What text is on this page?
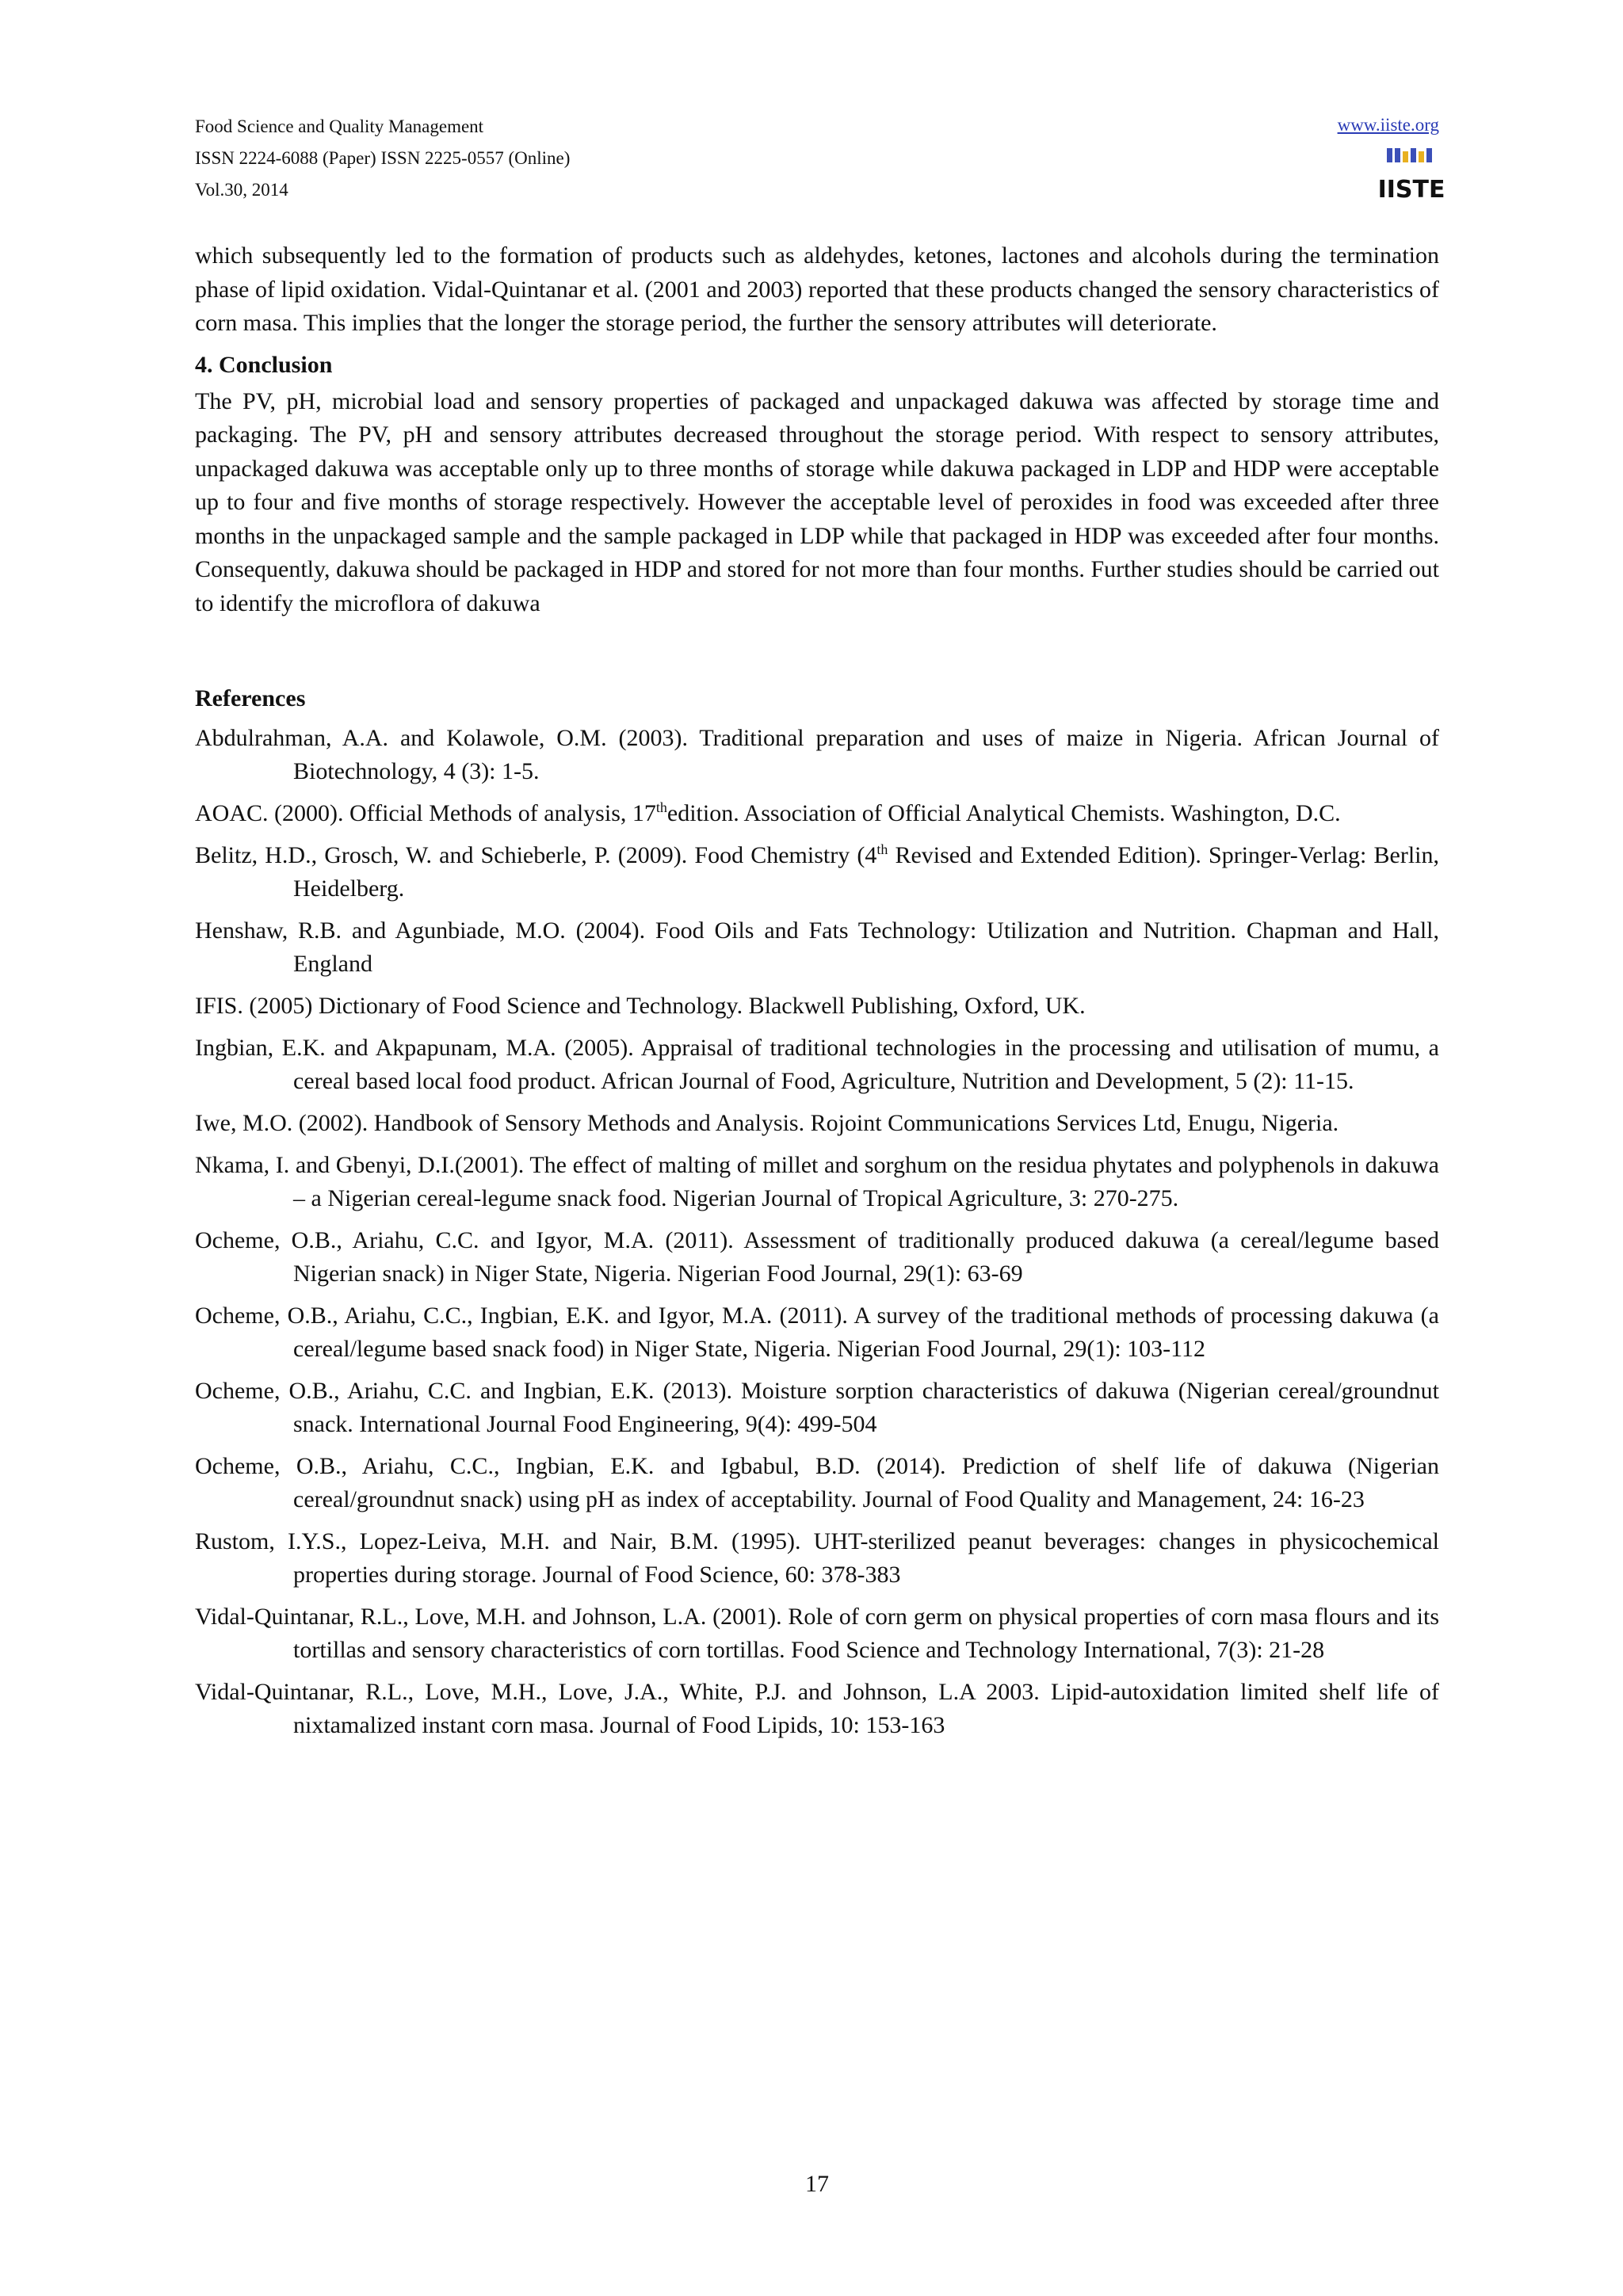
Food Science and Quality Management
ISSN 2224-6088 (Paper) ISSN 2225-0557 (Online)
Vol.30, 2014
www.iiste.org
IISTE

which subsequently led to the formation of products such as aldehydes, ketones, lactones and alcohols during the termination phase of lipid oxidation. Vidal-Quintanar et al. (2001 and 2003) reported that these products changed the sensory characteristics of corn masa. This implies that the longer the storage period, the further the sensory attributes will deteriorate.

4. Conclusion

The PV, pH, microbial load and sensory properties of packaged and unpackaged dakuwa was affected by storage time and packaging. The PV, pH and sensory attributes decreased throughout the storage period. With respect to sensory attributes, unpackaged dakuwa was acceptable only up to three months of storage while dakuwa packaged in LDP and HDP were acceptable up to four and five months of storage respectively. However the acceptable level of peroxides in food was exceeded after three months in the unpackaged sample and the sample packaged in LDP while that packaged in HDP was exceeded after four months. Consequently, dakuwa should be packaged in HDP and stored for not more than four months. Further studies should be carried out to identify the microflora of dakuwa

References

Abdulrahman, A.A. and Kolawole, O.M. (2003). Traditional preparation and uses of maize in Nigeria. African Journal of Biotechnology, 4 (3): 1-5.

AOAC. (2000). Official Methods of analysis, 17thedition. Association of Official Analytical Chemists. Washington, D.C.

Belitz, H.D., Grosch, W. and Schieberle, P. (2009). Food Chemistry (4th Revised and Extended Edition). Springer-Verlag: Berlin, Heidelberg.

Henshaw, R.B. and Agunbiade, M.O. (2004). Food Oils and Fats Technology: Utilization and Nutrition. Chapman and Hall, England

IFIS. (2005) Dictionary of Food Science and Technology. Blackwell Publishing, Oxford, UK.

Ingbian, E.K. and Akpapunam, M.A. (2005). Appraisal of traditional technologies in the processing and utilisation of mumu, a cereal based local food product. African Journal of Food, Agriculture, Nutrition and Development, 5 (2): 11-15.

Iwe, M.O. (2002). Handbook of Sensory Methods and Analysis. Rojoint Communications Services Ltd, Enugu, Nigeria.

Nkama, I. and Gbenyi, D.I.(2001). The effect of malting of millet and sorghum on the residua phytates and polyphenols in dakuwa – a Nigerian cereal-legume snack food. Nigerian Journal of Tropical Agriculture, 3: 270-275.

Ocheme, O.B., Ariahu, C.C. and Igyor, M.A. (2011). Assessment of traditionally produced dakuwa (a cereal/legume based Nigerian snack) in Niger State, Nigeria. Nigerian Food Journal, 29(1): 63-69

Ocheme, O.B., Ariahu, C.C., Ingbian, E.K. and Igyor, M.A. (2011). A survey of the traditional methods of processing dakuwa (a cereal/legume based snack food) in Niger State, Nigeria. Nigerian Food Journal, 29(1): 103-112

Ocheme, O.B., Ariahu, C.C. and Ingbian, E.K. (2013). Moisture sorption characteristics of dakuwa (Nigerian cereal/groundnut snack. International Journal Food Engineering, 9(4): 499-504

Ocheme, O.B., Ariahu, C.C., Ingbian, E.K. and Igbabul, B.D. (2014). Prediction of shelf life of dakuwa (Nigerian cereal/groundnut snack) using pH as index of acceptability. Journal of Food Quality and Management, 24: 16-23

Rustom, I.Y.S., Lopez-Leiva, M.H. and Nair, B.M. (1995). UHT-sterilized peanut beverages: changes in physicochemical properties during storage. Journal of Food Science, 60: 378-383

Vidal-Quintanar, R.L., Love, M.H. and Johnson, L.A. (2001). Role of corn germ on physical properties of corn masa flours and its tortillas and sensory characteristics of corn tortillas. Food Science and Technology International, 7(3): 21-28

Vidal-Quintanar, R.L., Love, M.H., Love, J.A., White, P.J. and Johnson, L.A 2003. Lipid-autoxidation limited shelf life of nixtamalized instant corn masa. Journal of Food Lipids, 10: 153-163

17
